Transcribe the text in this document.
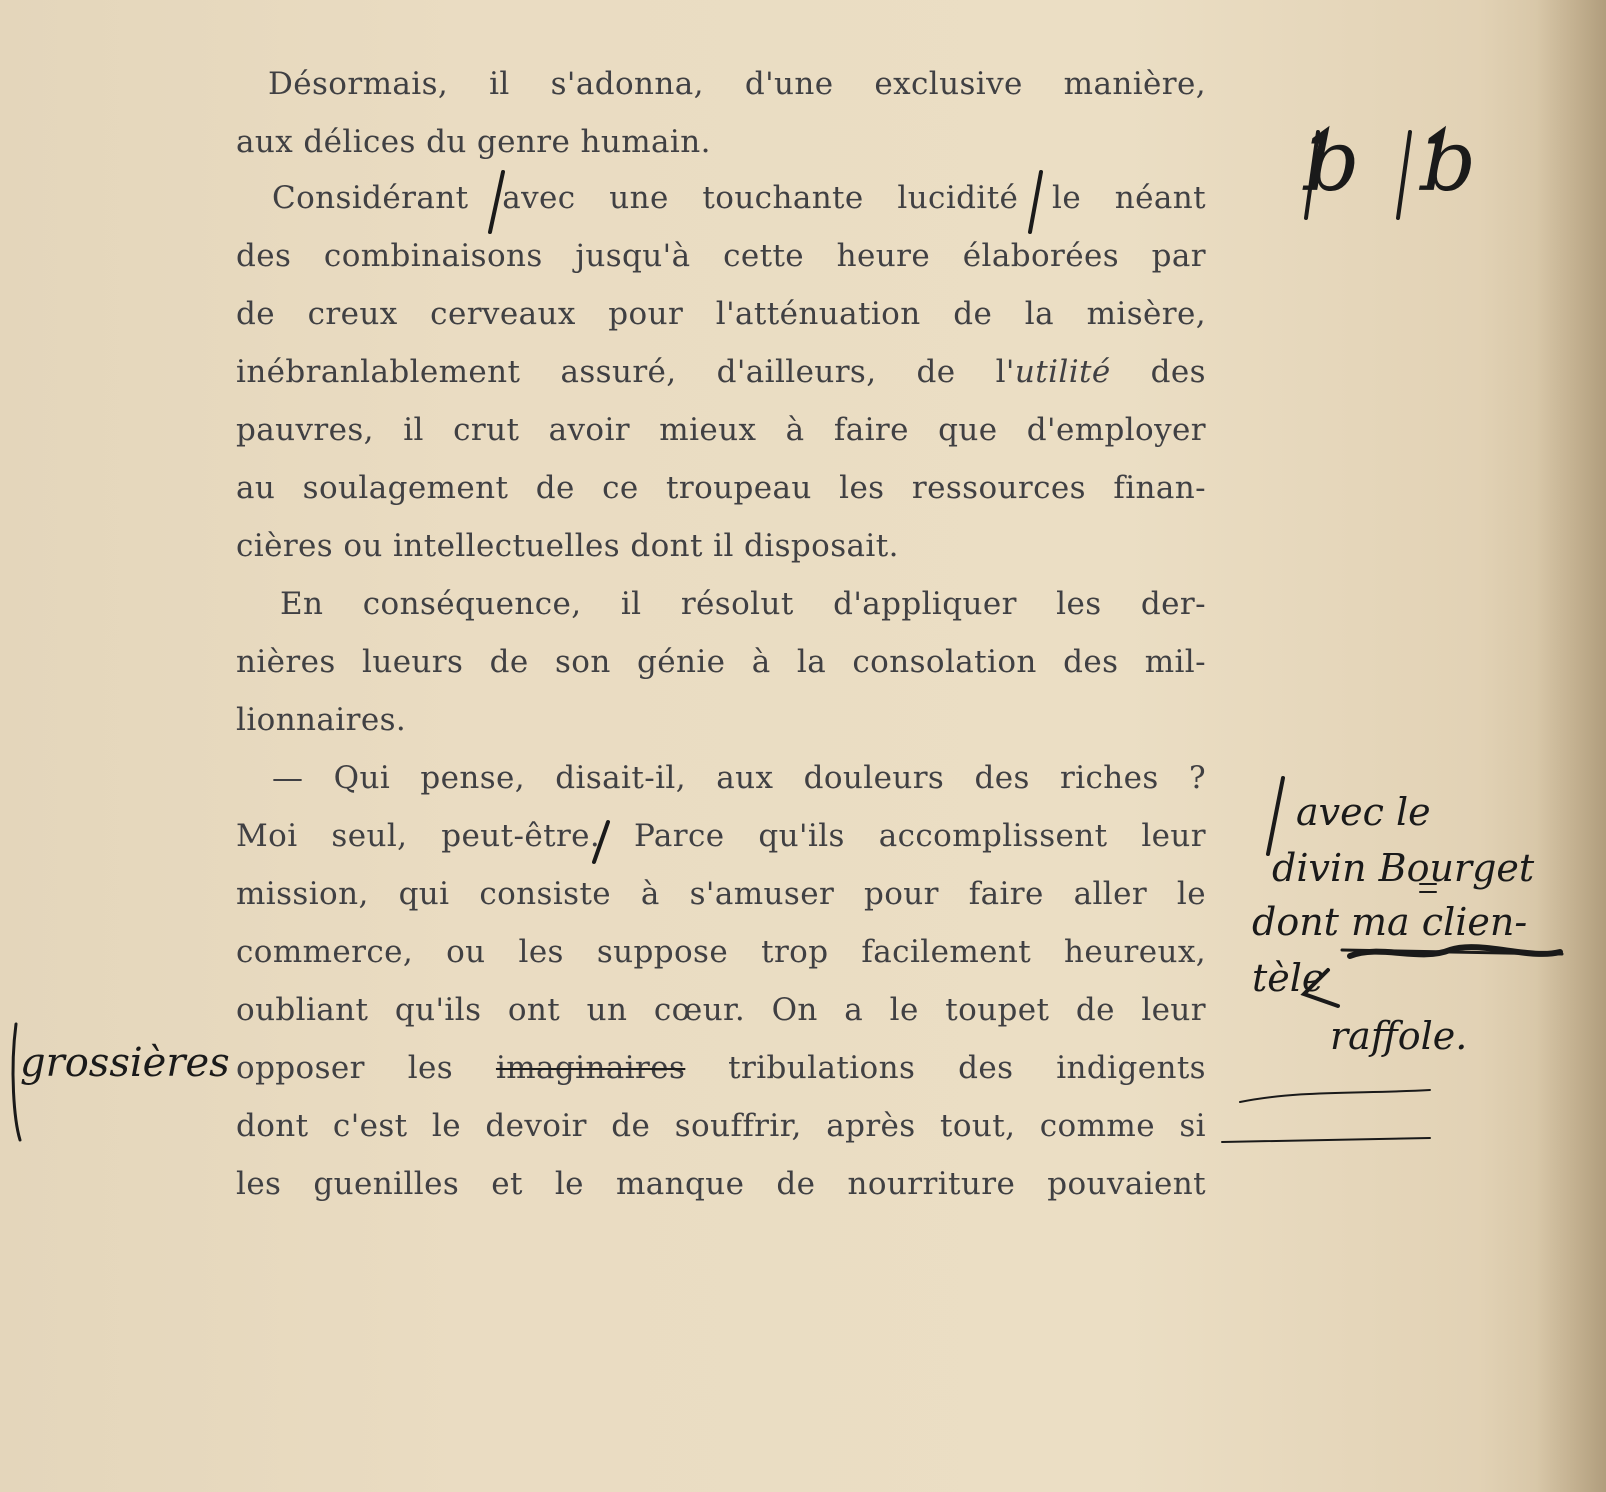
Désormais, il s'adonna, d'une exclusive manière,
aux délices du genre humain.
Considérant avec une touchante lucidité le néant
des combinaisons jusqu'à cette heure élaborées par
de creux cerveaux pour l'atténuation de la misère,
inébranlablement assuré, d'ailleurs, de l'utilité des
pauvres, il crut avoir mieux à faire que d'employer
au soulagement de ce troupeau les ressources finan-
cières ou intellectuelles dont il disposait.
En conséquence, il résolut d'appliquer les der-
nières lueurs de son génie à la consolation des mil-
lionnaires.
— Qui pense, disait-il, aux douleurs des riches ?
Moi seul, peut-être. Parce qu'ils accomplissent leur
mission, qui consiste à s'amuser pour faire aller le
commerce, ou les suppose trop facilement heureux,
oubliant qu'ils ont un cœur. On a le toupet de leur
opposer les imaginaires tribulations des indigents
dont c'est le devoir de souffrir, après tout, comme si
les guenilles et le manque de nourriture pouvaient
ƅ ƅ
avec le
divin Bourget
dont ma clien-
tèle
raffole.
grossières
